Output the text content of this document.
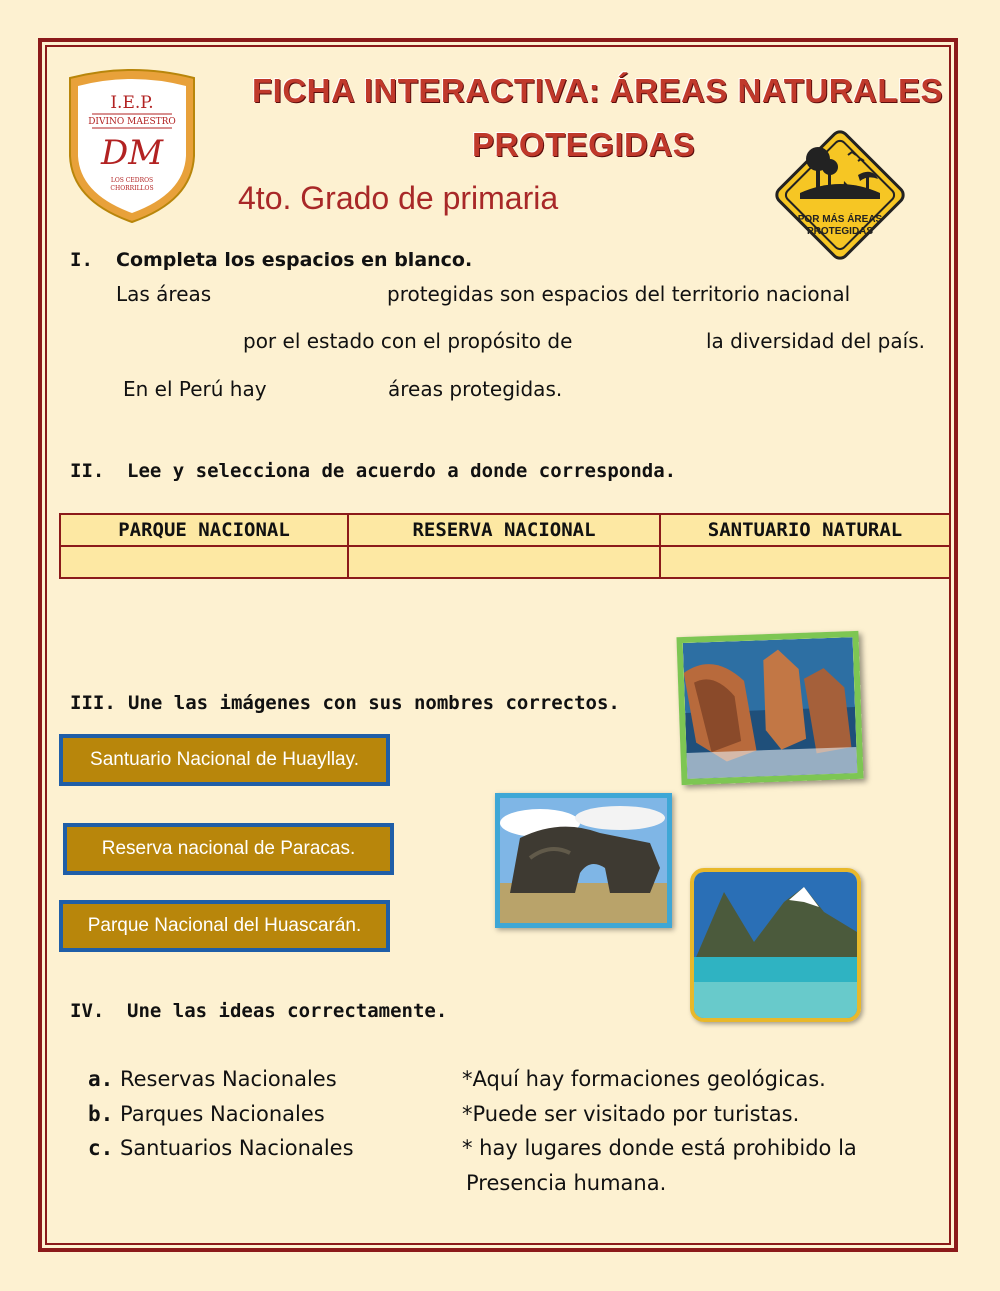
I.E.P.
DIVINO MAESTRO
DM
LOS CEDROS
CHORRILLOS
FICHA INTERACTIVA: ÁREAS NATURALES
PROTEGIDAS
4to. Grado de primaria
POR MÁS ÁREAS
PROTEGIDAS
I. Completa los espacios en blanco.
Las áreas	protegidas son espacios del territorio nacional
por el estado con el propósito de	la diversidad del país.
En el Perú hay	áreas protegidas.
II. Lee y selecciona de acuerdo a donde corresponda.
PARQUE NACIONAL	RESERVA NACIONAL	SANTUARIO NATURAL

III. Une las imágenes con sus nombres correctos.
Santuario Nacional de Huayllay.
Reserva nacional de Paracas.
Parque Nacional del Huascarán.
IV. Une las ideas correctamente.
a. Reservas Nacionales
b. Parques Nacionales
c. Santuarios Nacionales
*Aquí hay formaciones geológicas.
*Puede ser visitado por turistas.
* hay lugares donde está prohibido la
Presencia humana.
